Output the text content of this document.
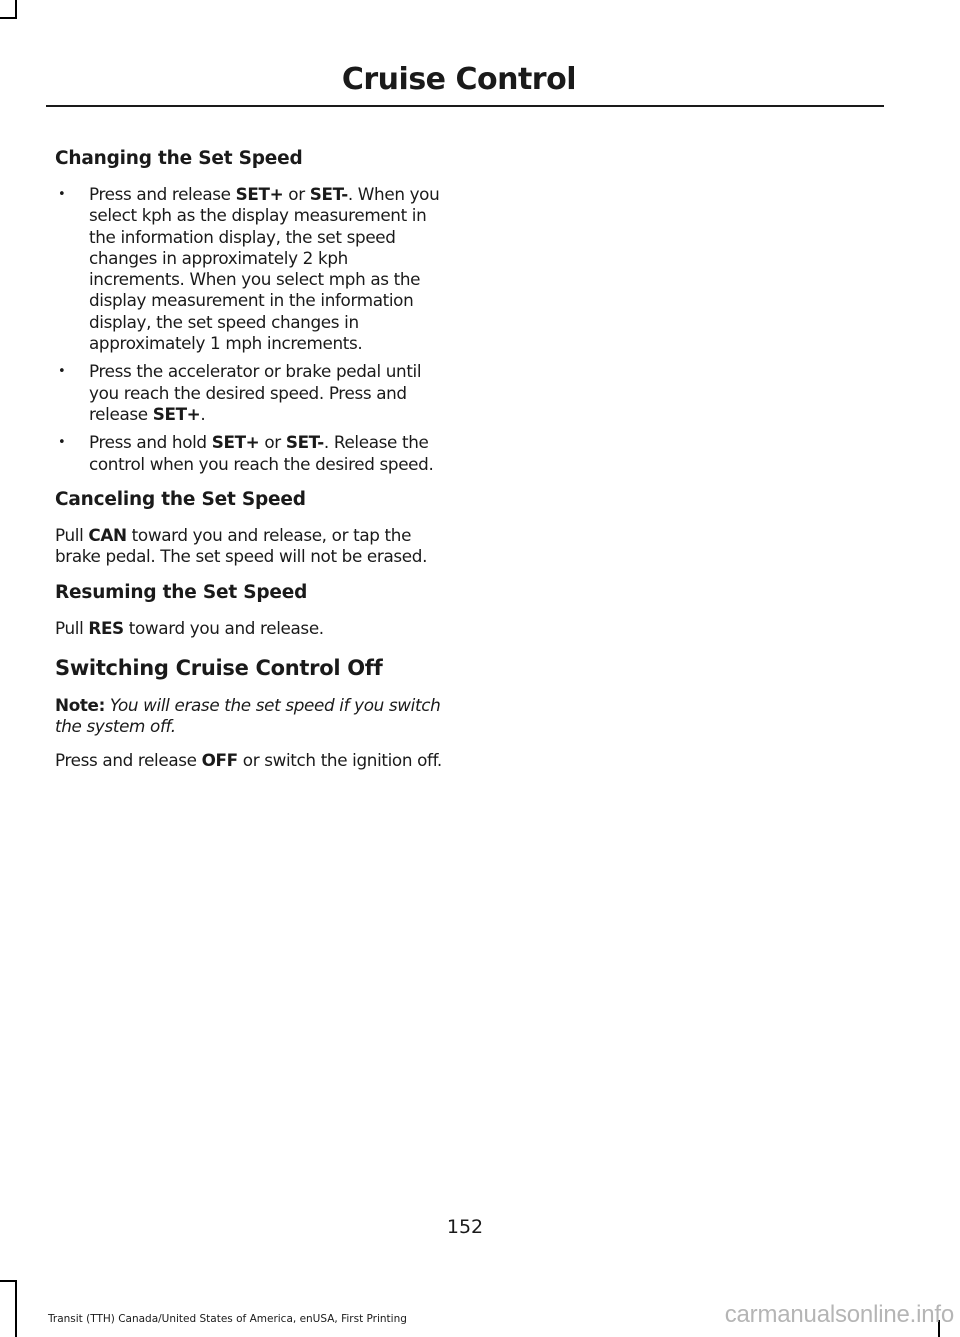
Cruise Control
Changing the Set Speed
• Press and release SET+ or SET-. When you select kph as the display measurement in the information display, the set speed changes in approximately 2 kph increments. When you select mph as the display measurement in the information display, the set speed changes in approximately 1 mph increments.
• Press the accelerator or brake pedal until you reach the desired speed. Press and release SET+.
• Press and hold SET+ or SET-. Release the control when you reach the desired speed.
Canceling the Set Speed

Pull CAN toward you and release, or tap the brake pedal. The set speed will not be erased.

Resuming the Set Speed

Pull RES toward you and release.

Switching Cruise Control Off

Note: You will erase the set speed if you switch the system off.

Press and release OFF or switch the ignition off.

152

Transit (TTH) Canada/United States of America, enUSA, First Printing	carmanualsonline.info
